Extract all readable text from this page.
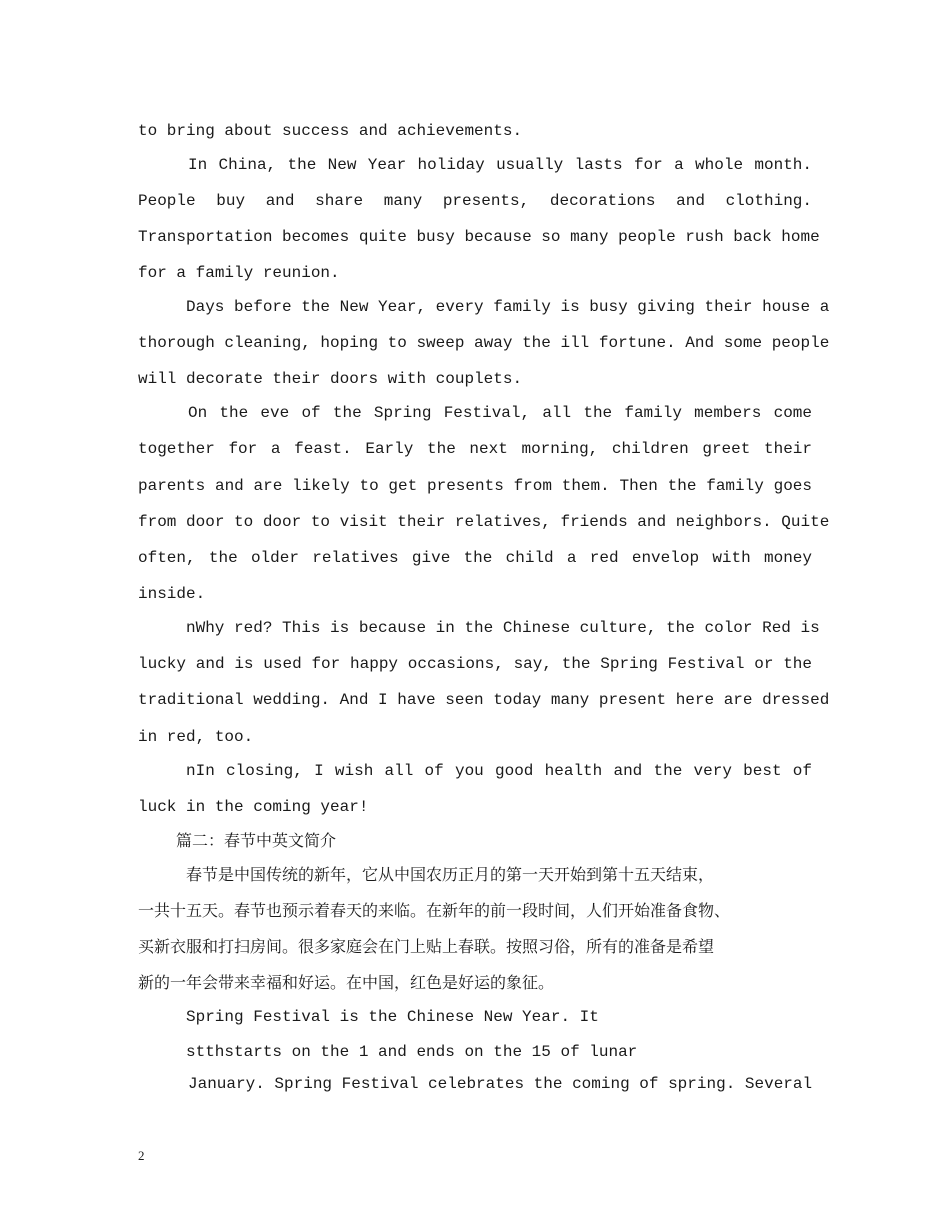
to bring about success and achievements.
In China, the New Year holiday usually lasts for a whole month.
People buy and share many presents, decorations and clothing.
Transportation becomes quite busy because so many people rush back home
for a family reunion.
Days before the New Year, every family is busy giving their house a
thorough cleaning, hoping to sweep away the ill fortune. And some people
will decorate their doors with couplets.
On the eve of the Spring Festival, all the family members come
together for a feast. Early the next morning, children greet their
parents and are likely to get presents from them. Then the family goes
from door to door to visit their relatives, friends and neighbors. Quite
often, the older relatives give the child a red envelop with money
inside.
nWhy red? This is because in the Chinese culture, the color Red is
lucky and is used for happy occasions, say, the Spring Festival or the
traditional wedding. And I have seen today many present here are dressed
in red, too.
nIn closing, I wish all of you good health and the very best of
luck in the coming year!
篇二：春节中英文简介
春节是中国传统的新年，它从中国农历正月的第一天开始到第十五天结束，
一共十五天。春节也预示着春天的来临。在新年的前一段时间，人们开始准备食物、
买新衣服和打扫房间。很多家庭会在门上贴上春联。按照习俗，所有的准备是希望
新的一年会带来幸福和好运。在中国，红色是好运的象征。
Spring Festival is the Chinese New Year. It
stthstarts on the 1 and ends on the 15 of lunar
January. Spring Festival celebrates the coming of spring. Several
2
